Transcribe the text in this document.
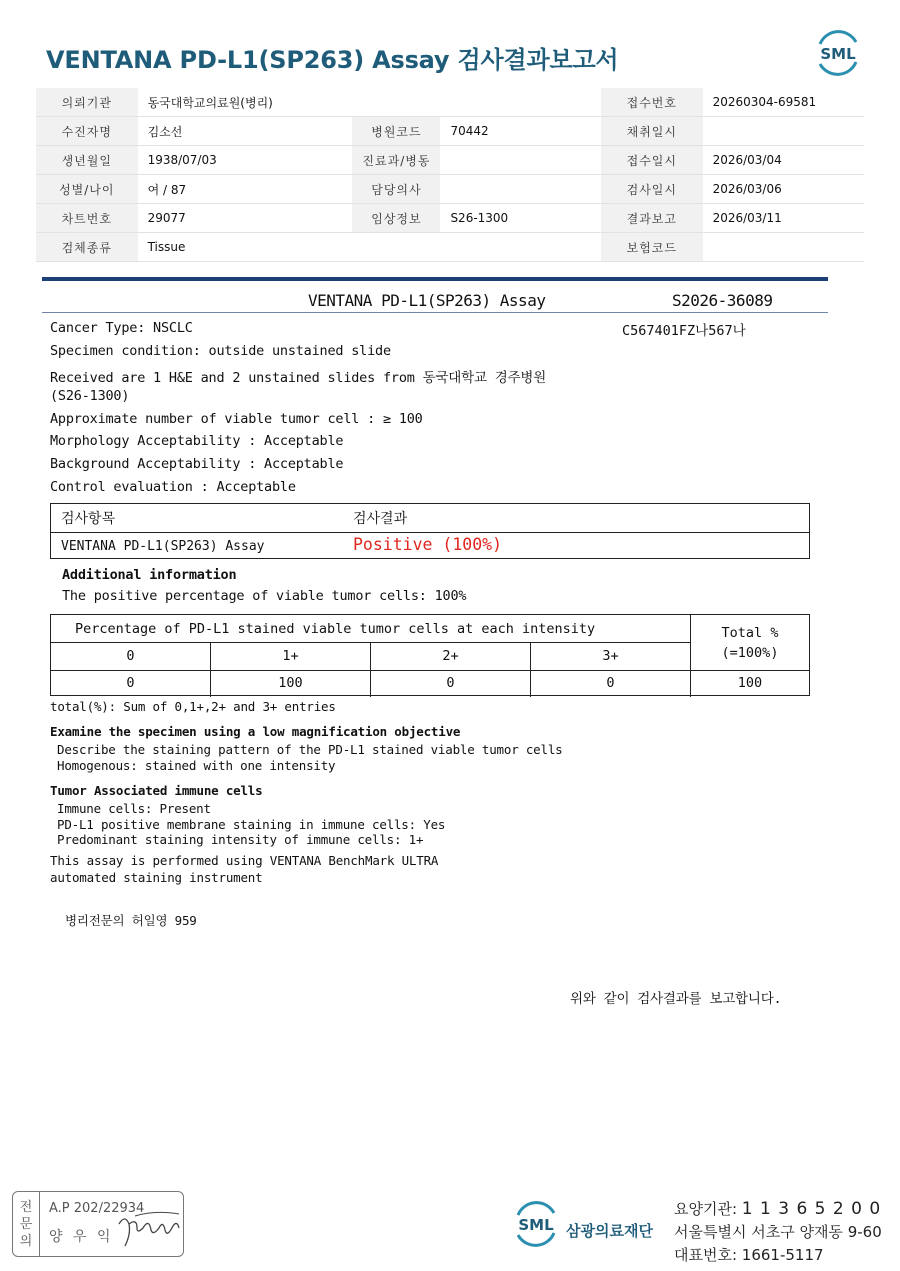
VENTANA PD-L1(SP263) Assay 검사결과보고서	SML
의뢰기관	동국대학교의료원(병리)			접수번호	20260304-69581
수진자명	김소선	병원코드	70442	채취일시	
생년월일	1938/07/03	진료과/병동		접수일시	2026/03/04
성별/나이	여 / 87	담당의사		검사일시	2026/03/06
차트번호	29077	임상정보	S26-1300	결과보고	2026/03/11
검체종류	Tissue			보험코드	
VENTANA PD-L1(SP263) Assay	S2026-36089
C567401FZ나567나
Cancer Type: NSCLC
Specimen condition: outside unstained slide
Received are 1 H&E and 2 unstained slides from 동국대학교 경주병원
(S26-1300)
Approximate number of viable tumor cell : ≥ 100
Morphology Acceptability : Acceptable
Background Acceptability : Acceptable
Control evaluation : Acceptable
검사항목	검사결과
VENTANA PD-L1(SP263) Assay	Positive (100%)
Additional information
The positive percentage of viable tumor cells: 100%
Percentage of PD-L1 stained viable tumor cells at each intensity	Total %
(=100%)
0	1+	2+	3+
0	100	0	0	100
total(%): Sum of 0,1+,2+ and 3+ entries
Examine the specimen using a low magnification objective
Describe the staining pattern of the PD-L1 stained viable tumor cells
Homogenous: stained with one intensity
Tumor Associated immune cells
Immune cells: Present
PD-L1 positive membrane staining in immune cells: Yes
Predominant staining intensity of immune cells: 1+
This assay is performed using VENTANA BenchMark ULTRA
automated staining instrument
병리전문의 허일영 959
위와 같이 검사결과를 보고합니다.
전
문
의
A.P 202/22934
양 우 익
SML 삼광의료재단
요양기관: 1 1 3 6 5 2 0 0
서울특별시 서초구 양재동 9-60
대표번호: 1661-5117
